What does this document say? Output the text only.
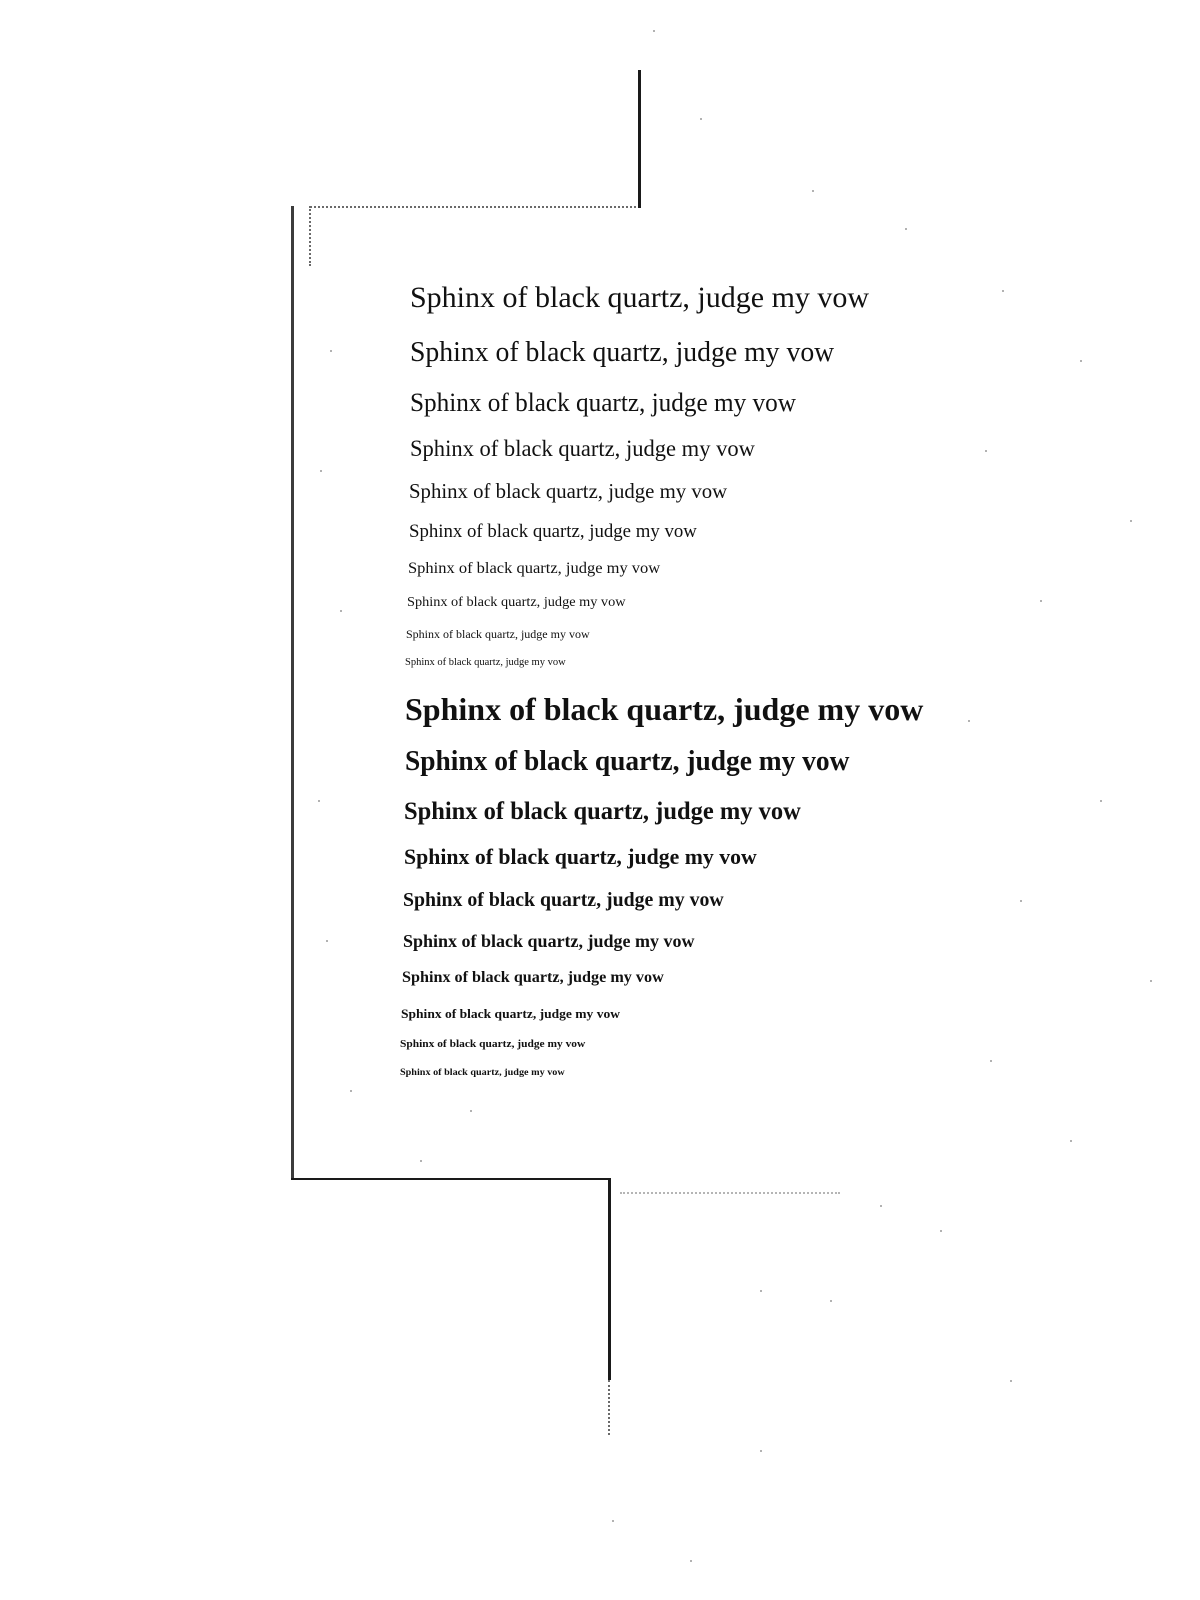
Sphinx of black quartz, judge my vow
Sphinx of black quartz, judge my vow
Sphinx of black quartz, judge my vow
Sphinx of black quartz, judge my vow
Sphinx of black quartz, judge my vow
Sphinx of black quartz, judge my vow
Sphinx of black quartz, judge my vow
Sphinx of black quartz, judge my vow
Sphinx of black quartz, judge my vow
Sphinx of black quartz, judge my vow
Sphinx of black quartz, judge my vow
Sphinx of black quartz, judge my vow
Sphinx of black quartz, judge my vow
Sphinx of black quartz, judge my vow
Sphinx of black quartz, judge my vow
Sphinx of black quartz, judge my vow
Sphinx of black quartz, judge my vow
Sphinx of black quartz, judge my vow
Sphinx of black quartz, judge my vow
Sphinx of black quartz, judge my vow
